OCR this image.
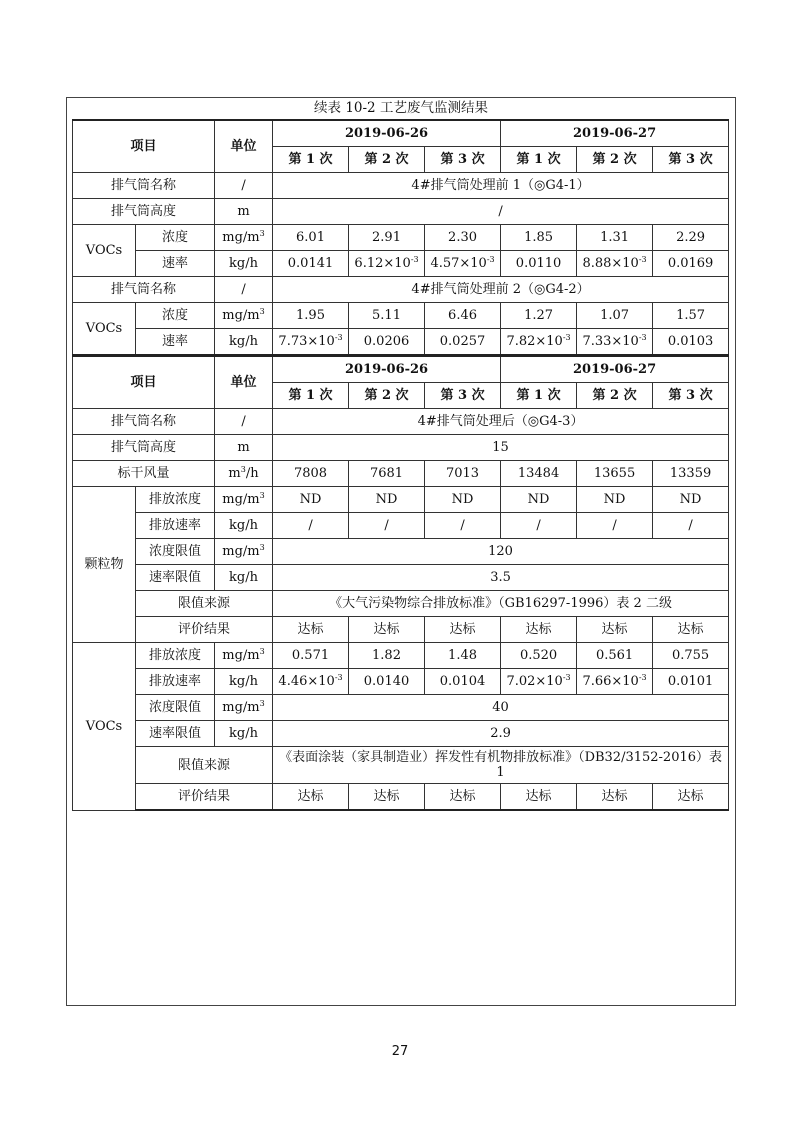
续表 10-2 工艺废气监测结果
项目		单位	2019-06-26			2019-06-27		
			第 1 次	第 2 次	第 3 次	第 1 次	第 2 次	第 3 次
排气筒名称		/	4#排气筒处理前 1（◎G4-1）					
排气筒高度		m	/					
VOCs	浓度	$mg/m^3$	6.01	2.91	2.30	1.85	1.31	2.29
	速率	kg/h	0.0141	$6.12\times 10^{-3}$	$4.57\times 10^{-3}$	0.0110	$8.88\times 10^{-3}$	0.0169
排气筒名称		/	4#排气筒处理前 2（◎G4-2）					
VOCs	浓度	$mg/m^3$	1.95	5.11	6.46	1.27	1.07	1.57
	速率	kg/h	$7.73\times 10^{-3}$	0.0206	0.0257	$7.82\times 10^{-3}$	$7.33\times 10^{-3}$	0.0103
项目		单位	2019-06-26			2019-06-27		
			第 1 次	第 2 次	第 3 次	第 1 次	第 2 次	第 3 次
排气筒名称		/	4#排气筒处理后（◎G4-3）					
排气筒高度		m	15					
标干风量		$m^3/h$	7808	7681	7013	13484	13655	13359
颗粒物	排放浓度	$mg/m^3$	ND	ND	ND	ND	ND	ND
	排放速率	kg/h	/	/	/	/	/	/
	浓度限值	$mg/m^3$	120					
	速率限值	kg/h	3.5					
	限值来源		《大气污染物综合排放标准》（GB16297-1996）表 2 二级					
	评价结果		达标	达标	达标	达标	达标	达标
VOCs	排放浓度	$mg/m^3$	0.571	1.82	1.48	0.520	0.561	0.755
	排放速率	kg/h	$4.46\times 10^{-3}$	0.0140	0.0104	$7.02\times 10^{-3}$	$7.66\times 10^{-3}$	0.0101
	浓度限值	$mg/m^3$	40					
	速率限值	kg/h	2.9					
	限值来源		《表面涂装（家具制造业）挥发性有机物排放标准》（DB32/3152-2016）表 1					
	评价结果		达标	达标	达标	达标	达标	达标
27
